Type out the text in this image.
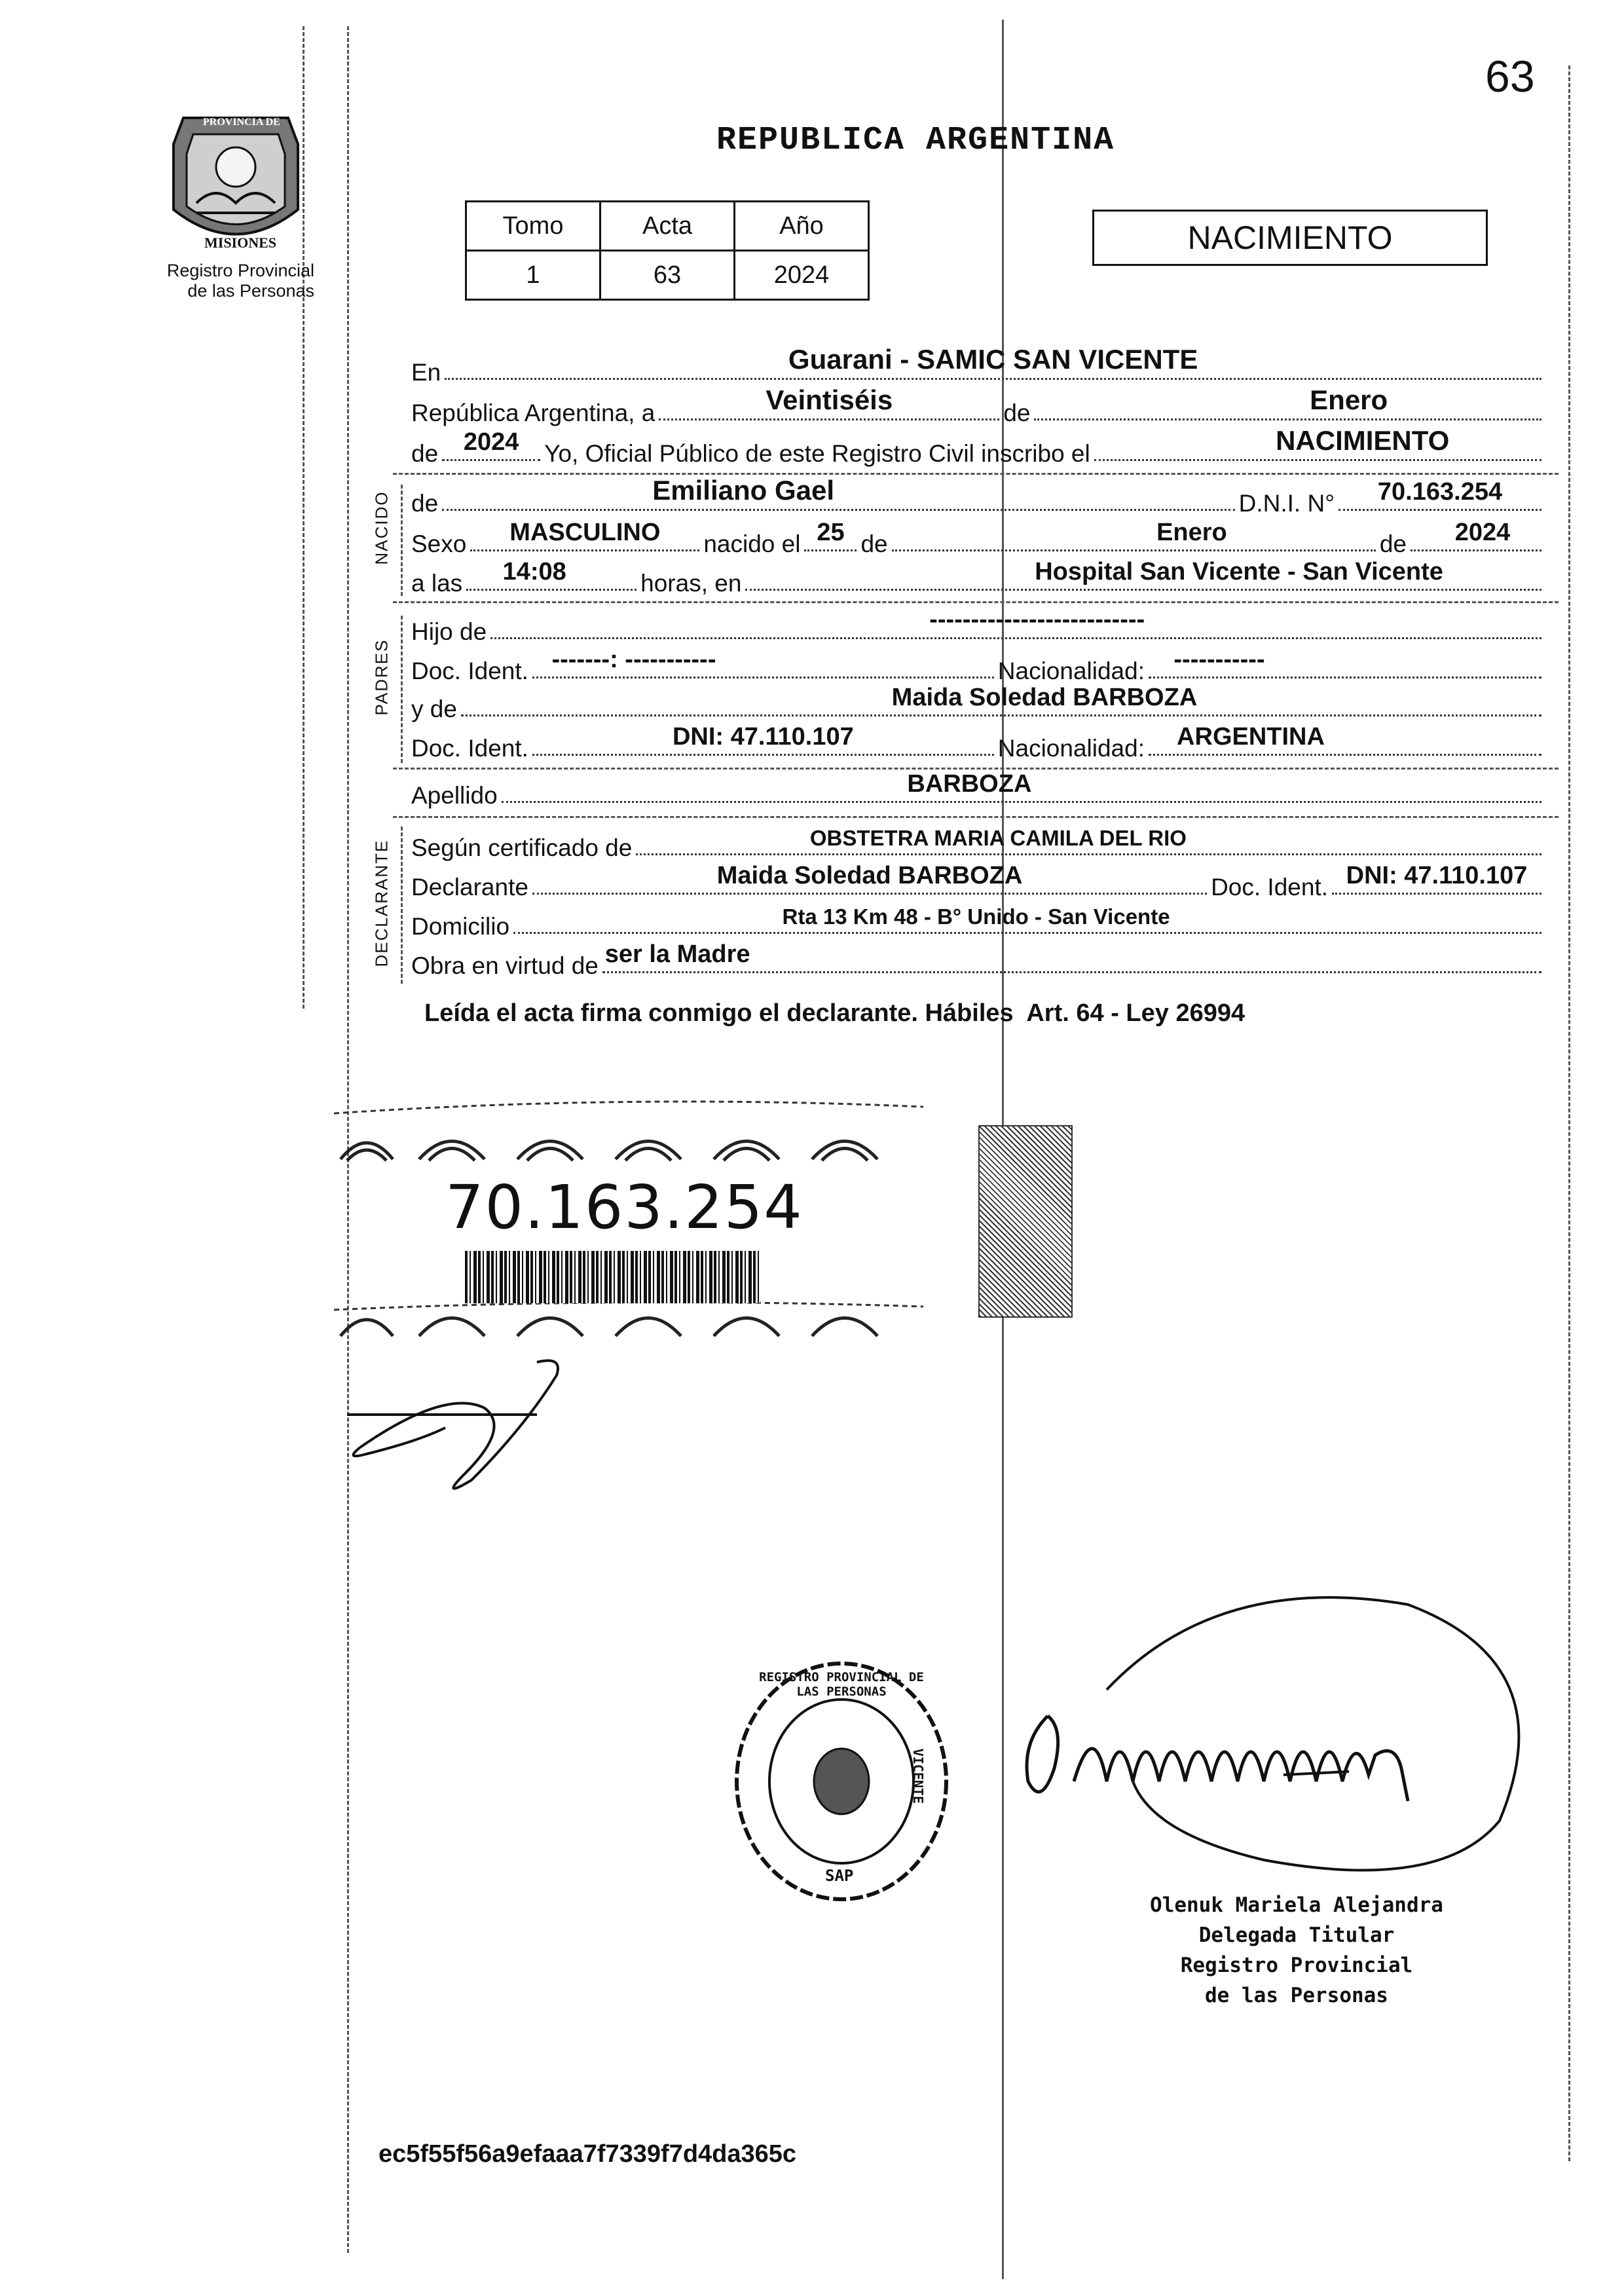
63
PROVINCIA DE
MISIONES
Registro Provincial
de las Personas
REPUBLICA ARGENTINA
Tomo	Acta	Año
1	63	2024
NACIMIENTO
En	Guarani - SAMIC SAN VICENTE
República Argentina, a	Veintiséis	de	Enero
de 2024 Yo, Oficial Público de este Registro Civil inscribo el	NACIMIENTO
NACIDO de	Emiliano Gael	D.N.I. N° 70.163.254
Sexo MASCULINO nacido el 25 de	Enero	de 2024
a las 14:08	horas, en	Hospital San Vicente - San Vicente
PADRES
Hijo de	--------------------------
Doc. Ident. -------: -----------	Nacionalidad: -----------
y de	Maida Soledad BARBOZA
Doc. Ident.	DNI: 47.110.107	Nacionalidad: ARGENTINA
Apellido	BARBOZA
DECLARANTE Según certificado de	OBSTETRA MARIA CAMILA DEL RIO
Declarante	Maida Soledad BARBOZA	Doc. Ident. DNI: 47.110.107
Domicilio	Rta 13 Km 48 - B° Unido - San Vicente
Obra en virtud de ser la Madre
Leída el acta firma conmigo el declarante. Hábiles  Art. 64 - Ley 26994
70.163.254
REGISTRO PROVINCIAL DE LAS PERSONAS
VICENTE
SAP
Olenuk Mariela Alejandra
Delegada Titular
Registro Provincial
de las Personas
ec5f55f56a9efaaa7f7339f7d4da365c
